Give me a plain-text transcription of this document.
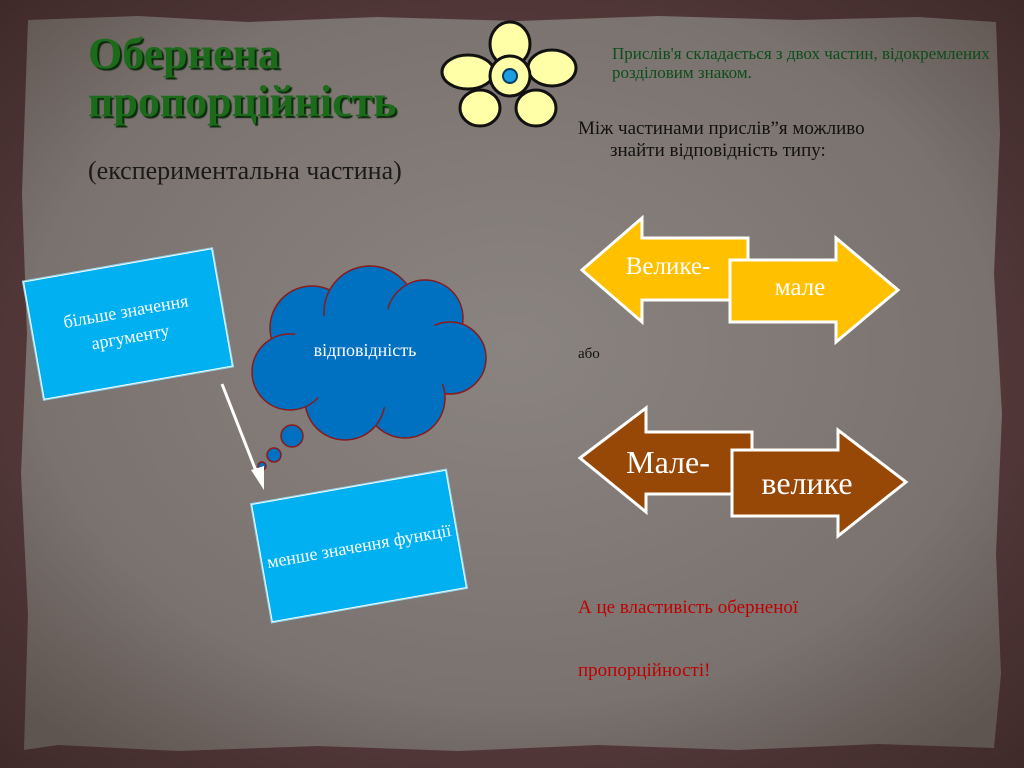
Обернена пропорційність
(експериментальна частина)
Прислів'я складається з двох частин, відокремлених розділовим знаком.
Між частинами прислів”я можливо
знайти відповідність типу:
більше значення аргументу
менше значення функції
відповідність
Велике-
мале
Мале-
велике
або
А це властивість оберненої
пропорційності!
